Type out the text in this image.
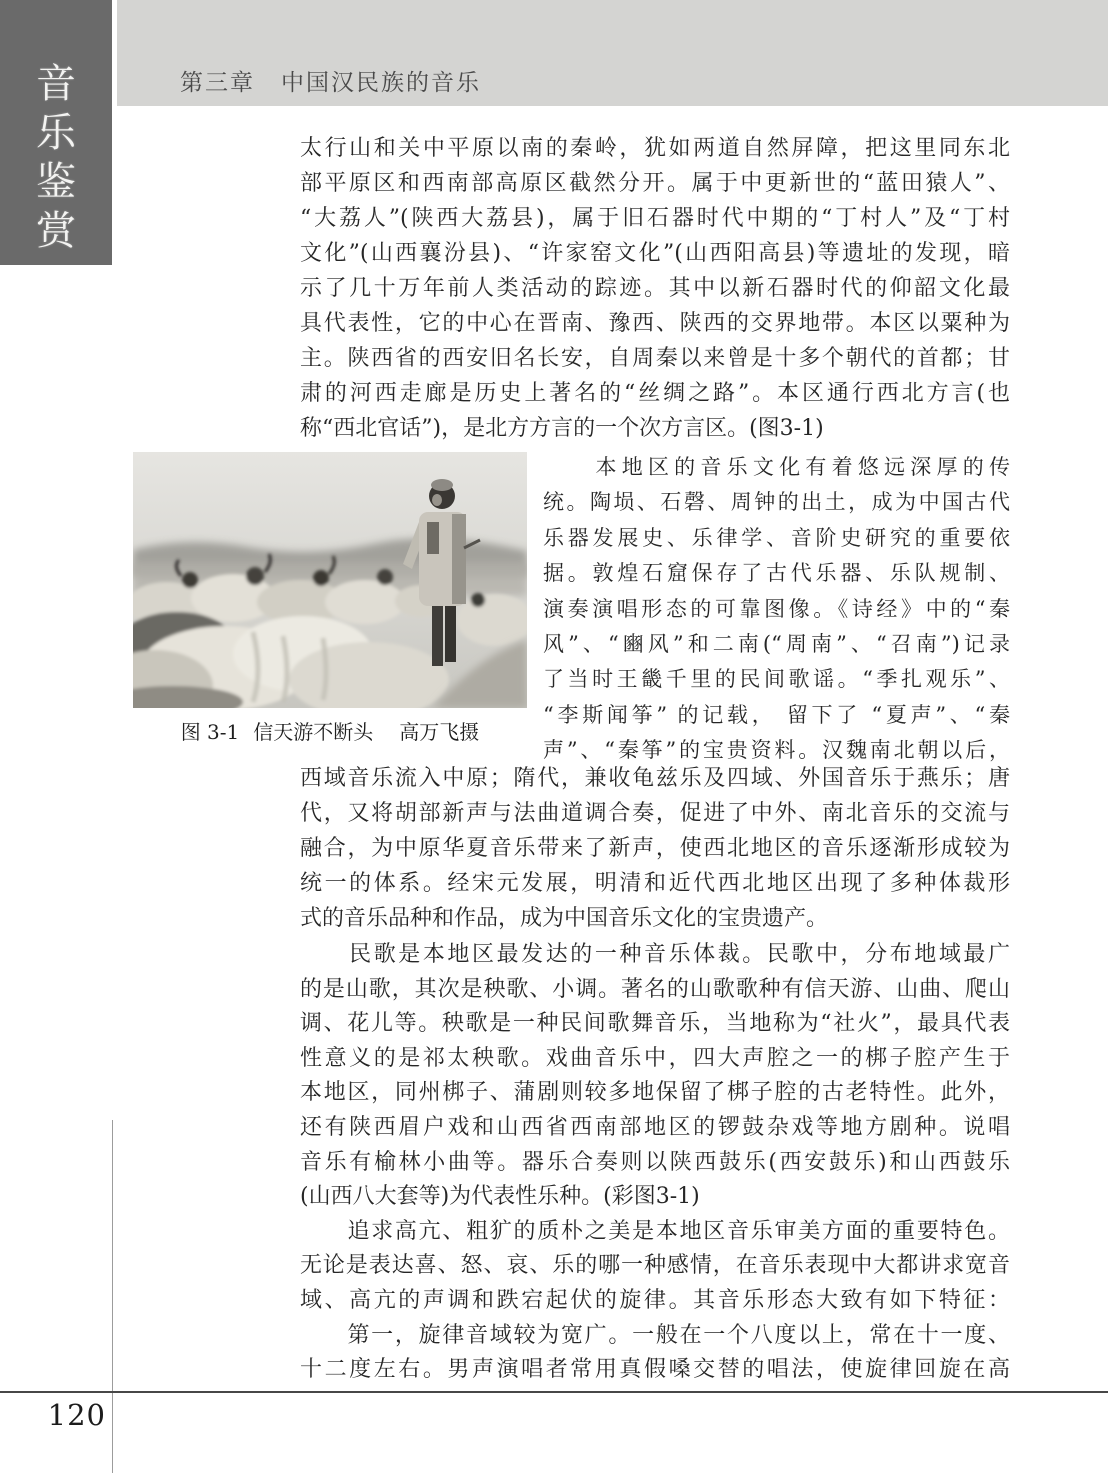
音
乐
鉴
赏
第三章 中国汉民族的音乐
太行山和关中平原以南的秦岭，犹如两道自然屏障，把这里同东北
部平原区和西南部高原区截然分开。属于中更新世的“蓝田猿人”、
“大荔人”(陕西大荔县)，属于旧石器时代中期的“丁村人”及“丁村
文化”(山西襄汾县)、“许家窑文化”(山西阳高县)等遗址的发现，暗
示了几十万年前人类活动的踪迹。其中以新石器时代的仰韶文化最
具代表性，它的中心在晋南、豫西、陕西的交界地带。本区以粟种为
主。陕西省的西安旧名长安，自周秦以来曾是十多个朝代的首都；甘
肃的河西走廊是历史上著名的“丝绸之路”。本区通行西北方言(也
称“西北官话”)，是北方方言的一个次方言区。(图3-1)
图 3-1 信天游不断头 高万飞摄
　　本地区的音乐文化有着悠远深厚的传
统。陶埙、石磬、周钟的出土，成为中国古代
乐器发展史、乐律学、音阶史研究的重要依
据。敦煌石窟保存了古代乐器、乐队规制、
演奏演唱形态的可靠图像。《诗经》中的“秦
风”、“豳风”和二南(“周南”、“召南”)记录
了当时王畿千里的民间歌谣。“季扎观乐”、
“李斯闻筝” 的记载， 留下了 “夏声”、“秦
声”、“秦筝”的宝贵资料。汉魏南北朝以后，
西域音乐流入中原；隋代，兼收龟兹乐及四域、外国音乐于燕乐；唐
代，又将胡部新声与法曲道调合奏，促进了中外、南北音乐的交流与
融合，为中原华夏音乐带来了新声，使西北地区的音乐逐渐形成较为
统一的体系。经宋元发展，明清和近代西北地区出现了多种体裁形
式的音乐品种和作品，成为中国音乐文化的宝贵遗产。
　　民歌是本地区最发达的一种音乐体裁。民歌中，分布地域最广
的是山歌，其次是秧歌、小调。著名的山歌歌种有信天游、山曲、爬山
调、花儿等。秧歌是一种民间歌舞音乐，当地称为“社火”，最具代表
性意义的是祁太秧歌。戏曲音乐中，四大声腔之一的梆子腔产生于
本地区，同州梆子、蒲剧则较多地保留了梆子腔的古老特性。此外，
还有陕西眉户戏和山西省西南部地区的锣鼓杂戏等地方剧种。说唱
音乐有榆林小曲等。器乐合奏则以陕西鼓乐(西安鼓乐)和山西鼓乐
(山西八大套等)为代表性乐种。(彩图3-1)
　　追求高亢、粗犷的质朴之美是本地区音乐审美方面的重要特色。
无论是表达喜、怒、哀、乐的哪一种感情，在音乐表现中大都讲求宽音
域、高亢的声调和跌宕起伏的旋律。其音乐形态大致有如下特征：
　　第一，旋律音域较为宽广。一般在一个八度以上，常在十一度、
十二度左右。男声演唱者常用真假嗓交替的唱法，使旋律回旋在高
120
